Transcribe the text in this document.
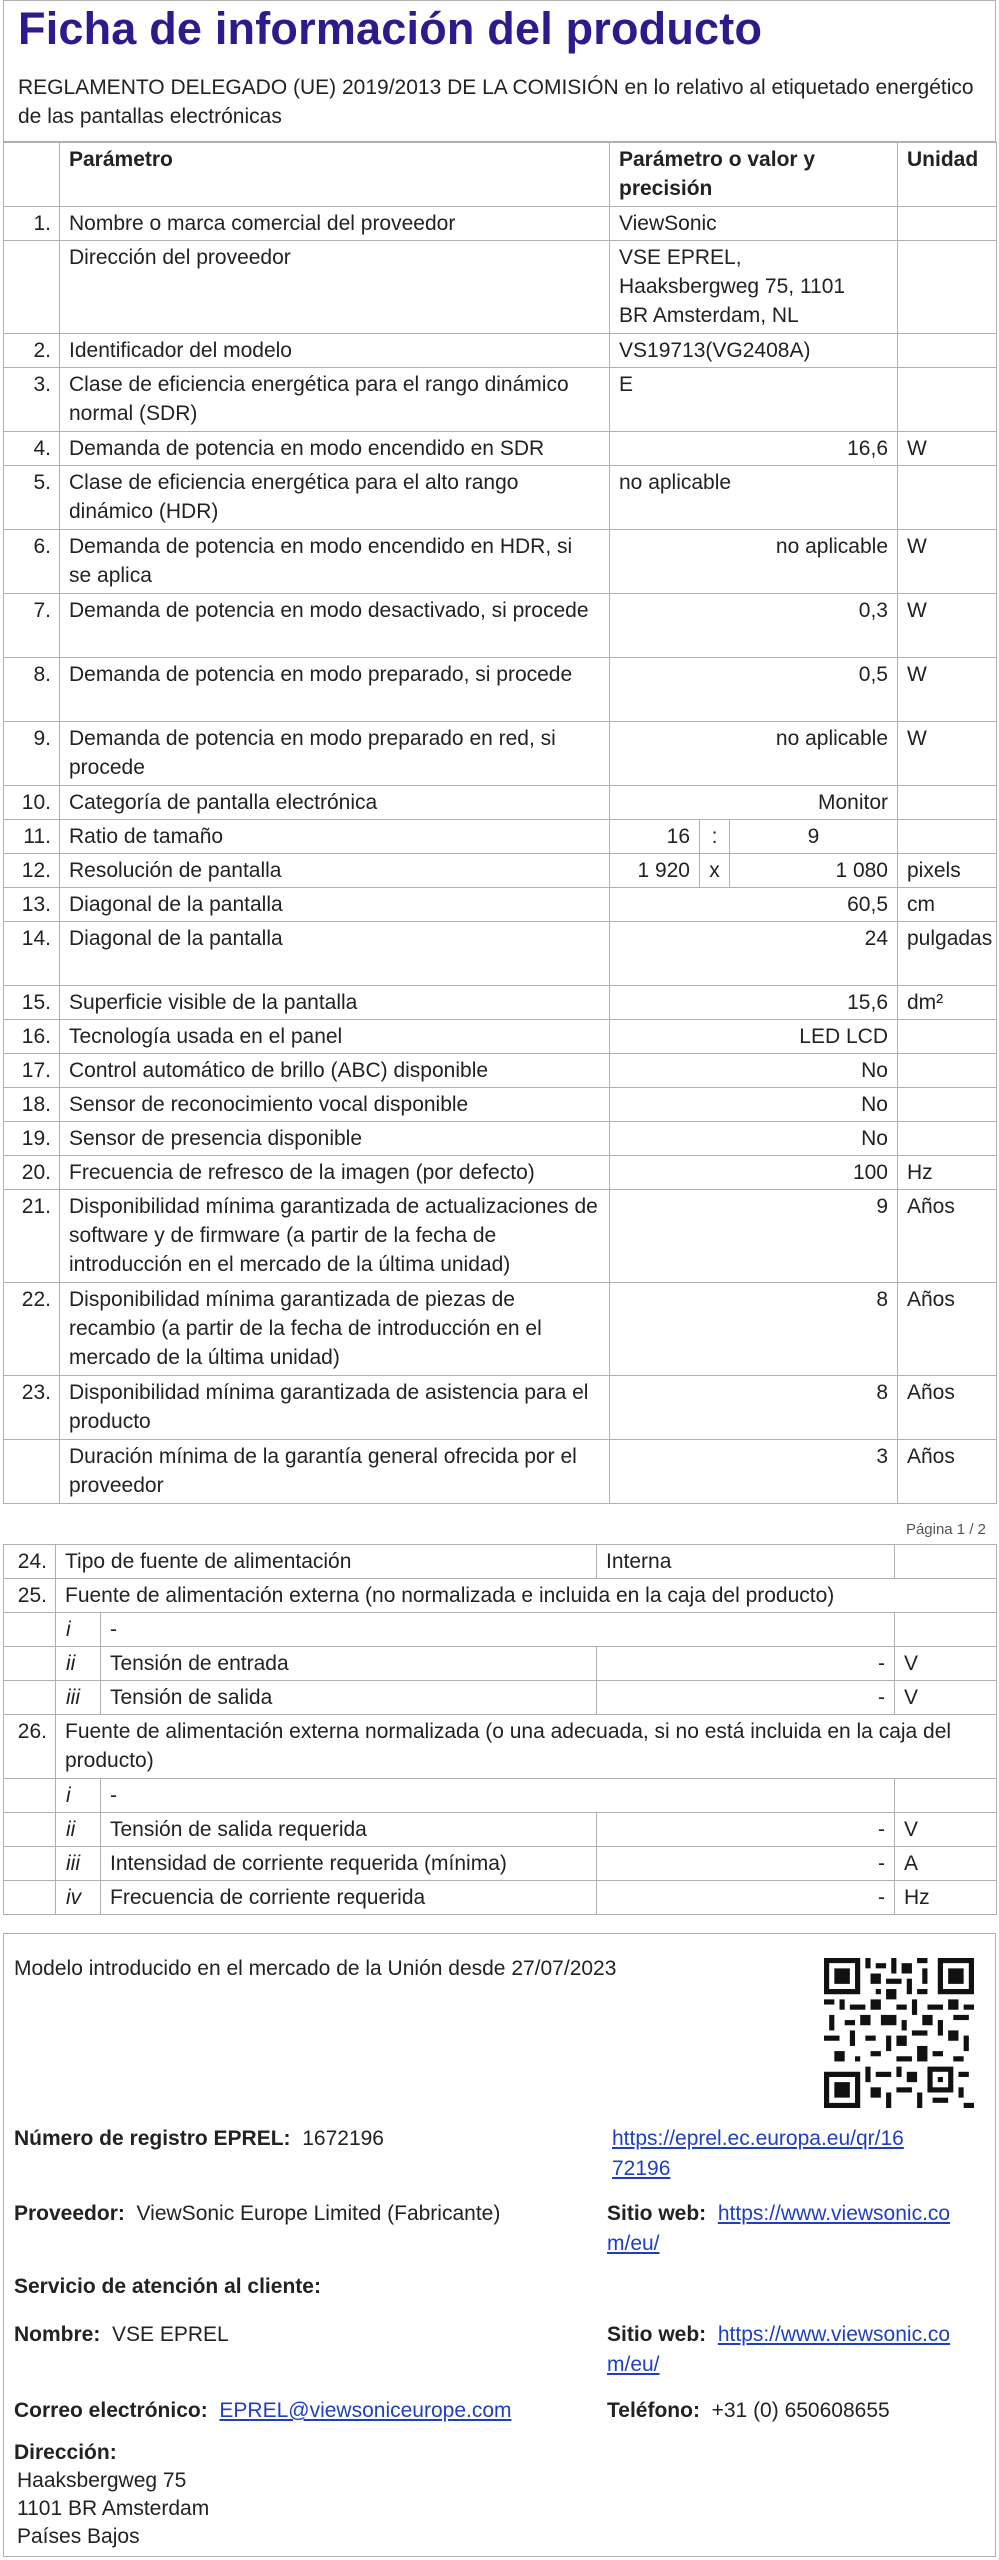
Ficha de información del producto

REGLAMENTO DELEGADO (UE) 2019/2013 DE LA COMISIÓN en lo relativo al etiquetado energético de las pantallas electrónicas

	Parámetro	Parámetro o valor y precisión			Unidad
1.	Nombre o marca comercial del proveedor	ViewSonic			
	Dirección del proveedor	VSE EPREL, Haaksbergweg 75, 1101 BR Amsterdam, NL			
2.	Identificador del modelo	VS19713(VG2408A)			
3.	Clase de eficiencia energética para el rango dinámico normal (SDR)	E			
4.	Demanda de potencia en modo encendido en SDR	16,6			W
5.	Clase de eficiencia energética para el alto rango dinámico (HDR)	no aplicable			
6.	Demanda de potencia en modo encendido en HDR, si se aplica	no aplicable			W
7.	Demanda de potencia en modo desactivado, si procede	0,3			W
8.	Demanda de potencia en modo preparado, si procede	0,5			W
9.	Demanda de potencia en modo preparado en red, si procede	no aplicable			W
10.	Categoría de pantalla electrónica	Monitor			
11.	Ratio de tamaño	16	:	9	
12.	Resolución de pantalla	1 920	x	1 080	pixels
13.	Diagonal de la pantalla	60,5			cm
14.	Diagonal de la pantalla	24			pulgadas
15.	Superficie visible de la pantalla	15,6			dm²
16.	Tecnología usada en el panel	LED LCD			
17.	Control automático de brillo (ABC) disponible	No			
18.	Sensor de reconocimiento vocal disponible	No			
19.	Sensor de presencia disponible	No			
20.	Frecuencia de refresco de la imagen (por defecto)	100			Hz
21.	Disponibilidad mínima garantizada de actualizaciones de software y de firmware (a partir de la fecha de introducción en el mercado de la última unidad)	9			Años
22.	Disponibilidad mínima garantizada de piezas de recambio (a partir de la fecha de introducción en el mercado de la última unidad)	8			Años
23.	Disponibilidad mínima garantizada de asistencia para el producto	8			Años
	Duración mínima de la garantía general ofrecida por el proveedor	3			Años
Página 1 / 2
24.	Tipo de fuente de alimentación		Interna	
25.	Fuente de alimentación externa (no normalizada e incluida en la caja del producto)			
	i	-		
	ii	Tensión de entrada	-	V
	iii	Tensión de salida	-	V
26.	Fuente de alimentación externa normalizada (o una adecuada, si no está incluida en la caja del producto)			
	i	-		
	ii	Tensión de salida requerida	-	V
	iii	Intensidad de corriente requerida (mínima)	-	A
	iv	Frecuencia de corriente requerida	-	Hz
Modelo introducido en el mercado de la Unión desde 27/07/2023
Número de registro EPREL: 1672196	https://eprel.ec.europa.eu/qr/16
72196
Proveedor: ViewSonic Europe Limited (Fabricante)	Sitio web: https://www.viewsonic.co
m/eu/
Servicio de atención al cliente:
Nombre: VSE EPREL	Sitio web: https://www.viewsonic.co
m/eu/
Correo electrónico: EPREL@viewsoniceurope.com	Teléfono: +31 (0) 650608655
Dirección:
Haaksbergweg 75
1101 BR Amsterdam
Países Bajos
